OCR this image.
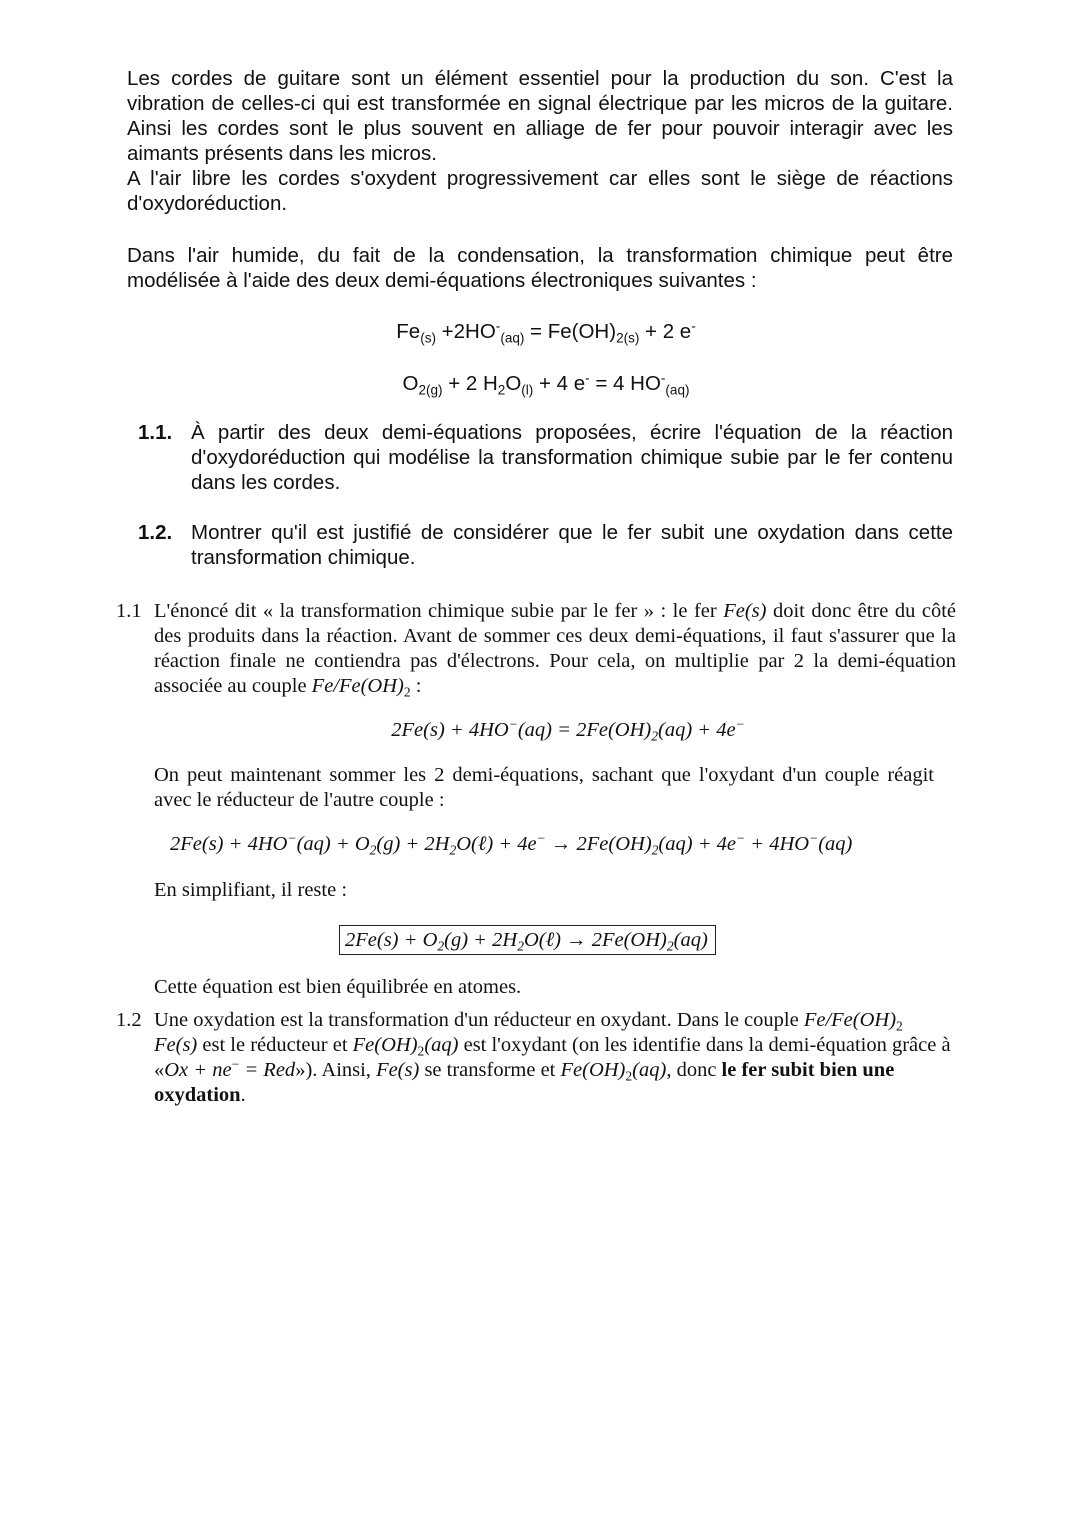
Les cordes de guitare sont un élément essentiel pour la production du son. C'est la vibration de celles-ci qui est transformée en signal électrique par les micros de la guitare. Ainsi les cordes sont le plus souvent en alliage de fer pour pouvoir interagir avec les aimants présents dans les micros.

A l'air libre les cordes s'oxydent progressivement car elles sont le siège de réactions d'oxydoréduction.

Dans l'air humide, du fait de la condensation, la transformation chimique peut être modélisée à l'aide des deux demi-équations électroniques suivantes :

$Fe_{(s)} +2HO^-_{(aq)} = Fe(OH)_{2(s)} + 2$ e-

$O_{2(g)} + 2$ $H_2O_{(l)} + 4$ e- = 4 $HO^-_{(aq)}$

1.1. À partir des deux demi-équations proposées, écrire l'équation de la réaction d'oxydoréduction qui modélise la transformation chimique subie par le fer contenu dans les cordes.
1.2. Montrer qu'il est justifié de considérer que le fer subit une oxydation dans cette transformation chimique.
1.1 L'énoncé dit « la transformation chimique subie par le fer » : le fer Fe(s) doit donc être du côté des produits dans la réaction. Avant de sommer ces deux demi-équations, il faut s'assurer que la réaction finale ne contiendra pas d'électrons. Pour cela, on multiplie par 2 la demi-équation associée au couple $Fe/Fe(OH)_2$ :

$2Fe(s) + 4HO^-(aq) = 2Fe(OH)_2(aq) + 4e^-$

On peut maintenant sommer les 2 demi-équations, sachant que l'oxydant d'un couple réagit avec le réducteur de l'autre couple :

$2Fe(s) + 4HO^-(aq) + O_2(g)$ + $2H_2O(\ell) + 4e^- \to 2Fe(OH)_2(aq) + 4e^- + 4HO^-(aq)$

En simplifiant, il reste :

$2Fe(s) + O_2(g)$ + $2H_2O(\ell) \to 2Fe(OH)_2(aq)$

Cette équation est bien équilibrée en atomes.

1.2 Une oxydation est la transformation d'un réducteur en oxydant. Dans le couple $Fe/Fe(OH)_2$
Fe(s) est le réducteur et $Fe(OH)_2(aq)$ est l'oxydant (on les identifie dans la demi-équation grâce à «Ox + ne− = Red»). Ainsi, Fe(s) se transforme et $Fe(OH)_2(aq)$, donc le fer subit bien une oxydation.
